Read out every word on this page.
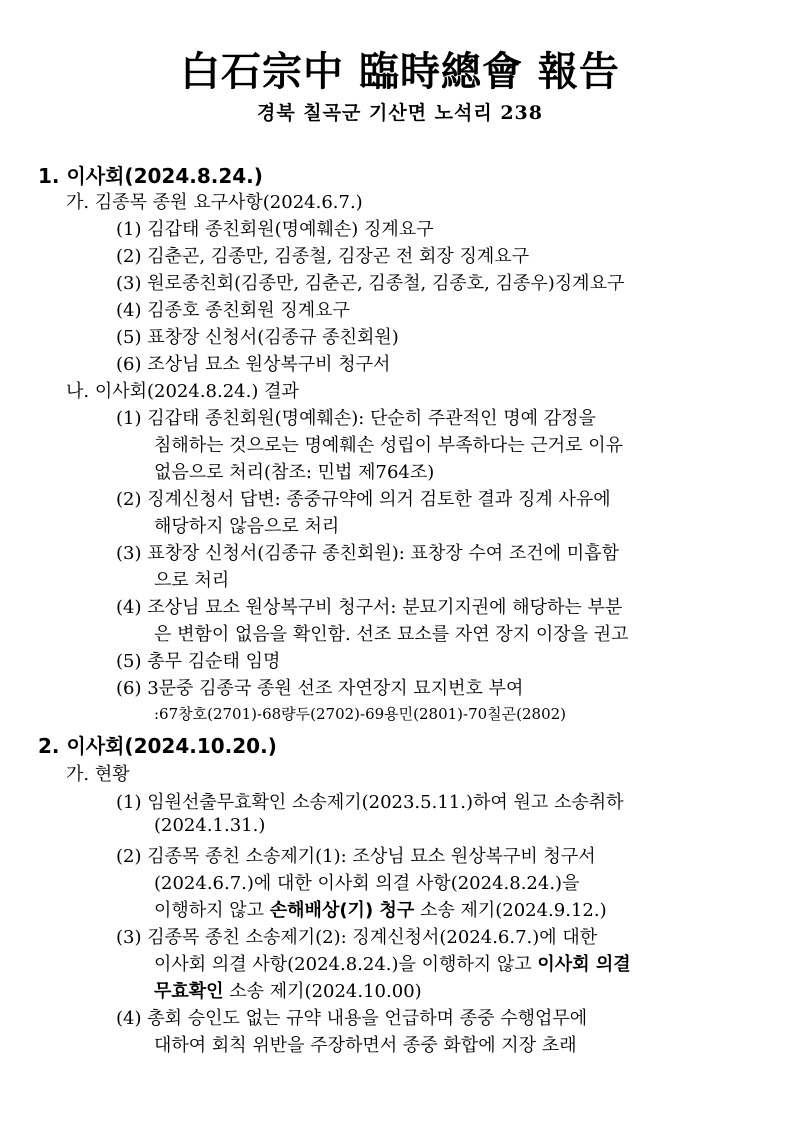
白石宗中 臨時總會 報告
경북 칠곡군 기산면 노석리 238
1. 이사회(2024.8.24.)
가. 김종목 종원 요구사항(2024.6.7.)
(1) 김갑태 종친회원(명예훼손) 징계요구
(2) 김춘곤, 김종만, 김종철, 김장곤 전 회장 징계요구
(3) 원로종친회(김종만, 김춘곤, 김종철, 김종호, 김종우)징계요구
(4) 김종호 종친회원 징계요구
(5) 표창장 신청서(김종규 종친회원)
(6) 조상님 묘소 원상복구비 청구서
나. 이사회(2024.8.24.) 결과
(1) 김갑태 종친회원(명예훼손): 단순히 주관적인 명예 감정을
침해하는 것으로는 명예훼손 성립이 부족하다는 근거로 이유
없음으로 처리(참조: 민법 제764조)
(2) 징계신청서 답변: 종중규약에 의거 검토한 결과 징계 사유에
해당하지 않음으로 처리
(3) 표창장 신청서(김종규 종친회원): 표창장 수여 조건에 미흡함
으로 처리
(4) 조상님 묘소 원상복구비 청구서: 분묘기지권에 해당하는 부분
은 변함이 없음을 확인함. 선조 묘소를 자연 장지 이장을 권고
(5) 총무 김순태 임명
(6) 3문중 김종국 종원 선조 자연장지 묘지번호 부여
:67창호(2701)-68량두(2702)-69용민(2801)-70칠곤(2802)
2. 이사회(2024.10.20.)
가. 현황
(1) 임원선출무효확인 소송제기(2023.5.11.)하여 원고 소송취하
(2024.1.31.)
(2) 김종목 종친 소송제기(1): 조상님 묘소 원상복구비 청구서
(2024.6.7.)에 대한 이사회 의결 사항(2024.8.24.)을
이행하지 않고 손해배상(기) 청구 소송 제기(2024.9.12.)
(3) 김종목 종친 소송제기(2): 징계신청서(2024.6.7.)에 대한
이사회 의결 사항(2024.8.24.)을 이행하지 않고 이사회 의결
무효확인 소송 제기(2024.10.00)
(4) 총회 승인도 없는 규약 내용을 언급하며 종중 수행업무에
대하여 회칙 위반을 주장하면서 종중 화합에 지장 초래
